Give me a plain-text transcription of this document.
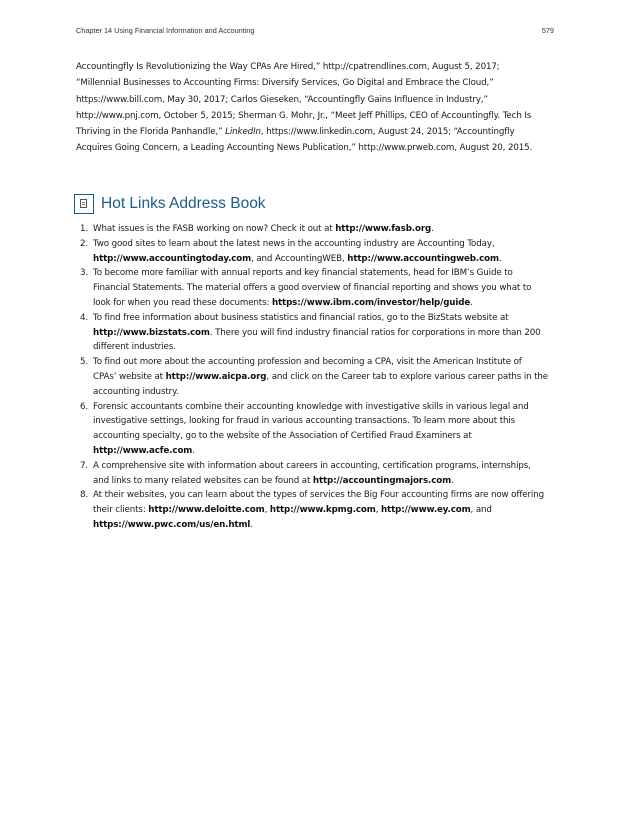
Chapter 14 Using Financial Information and Accounting	579
Accountingfly Is Revolutionizing the Way CPAs Are Hired,” http://cpatrendlines.com, August 5, 2017;
“Millennial Businesses to Accounting Firms: Diversify Services, Go Digital and Embrace the Cloud,”
https://www.bill.com, May 30, 2017; Carlos Gieseken, “Accountingfly Gains Influence in Industry,”
http://www.pnj.com, October 5, 2015; Sherman G. Mohr, Jr., “Meet Jeff Phillips, CEO of Accountingfly. Tech Is
Thriving in the Florida Panhandle,” LinkedIn, https://www.linkedin.com, August 24, 2015; “Accountingfly
Acquires Going Concern, a Leading Accounting News Publication,” http://www.prweb.com, August 20, 2015.
Hot Links Address Book
1. What issues is the FASB working on now? Check it out at http://www.fasb.org.
2. Two good sites to learn about the latest news in the accounting industry are Accounting Today,
http://www.accountingtoday.com, and AccountingWEB, http://www.accountingweb.com.
3. To become more familiar with annual reports and key financial statements, head for IBM’s Guide to
Financial Statements. The material offers a good overview of financial reporting and shows you what to
look for when you read these documents: https://www.ibm.com/investor/help/guide.
4. To find free information about business statistics and financial ratios, go to the BizStats website at
http://www.bizstats.com. There you will find industry financial ratios for corporations in more than 200
different industries.
5. To find out more about the accounting profession and becoming a CPA, visit the American Institute of
CPAs’ website at http://www.aicpa.org, and click on the Career tab to explore various career paths in the
accounting industry.
6. Forensic accountants combine their accounting knowledge with investigative skills in various legal and
investigative settings, looking for fraud in various accounting transactions. To learn more about this
accounting specialty, go to the website of the Association of Certified Fraud Examiners at
http://www.acfe.com.
7. A comprehensive site with information about careers in accounting, certification programs, internships,
and links to many related websites can be found at http://accountingmajors.com.
8. At their websites, you can learn about the types of services the Big Four accounting firms are now offering
their clients: http://www.deloitte.com, http://www.kpmg.com, http://www.ey.com, and
https://www.pwc.com/us/en.html.
